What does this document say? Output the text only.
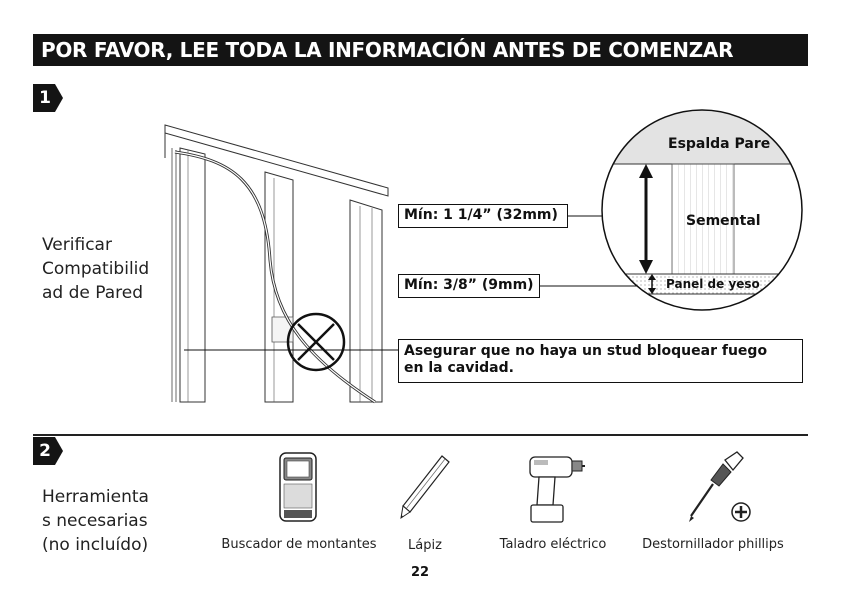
POR FAVOR, LEE TODA LA INFORMACIÓN ANTES DE COMENZAR
1
Verificar
Compatibilid
ad de Pared
Espalda Pare
Semental
Panel de yeso
Mín: 1 1/4” (32mm)
Mín: 3/8” (9mm)
Asegurar que no haya un stud bloquear fuego
en la cavidad.
2
Herramienta
s necesarias
(no incluído)	Buscador de montantes	Lápiz	Taladro eléctrico	Destornillador phillips
22
